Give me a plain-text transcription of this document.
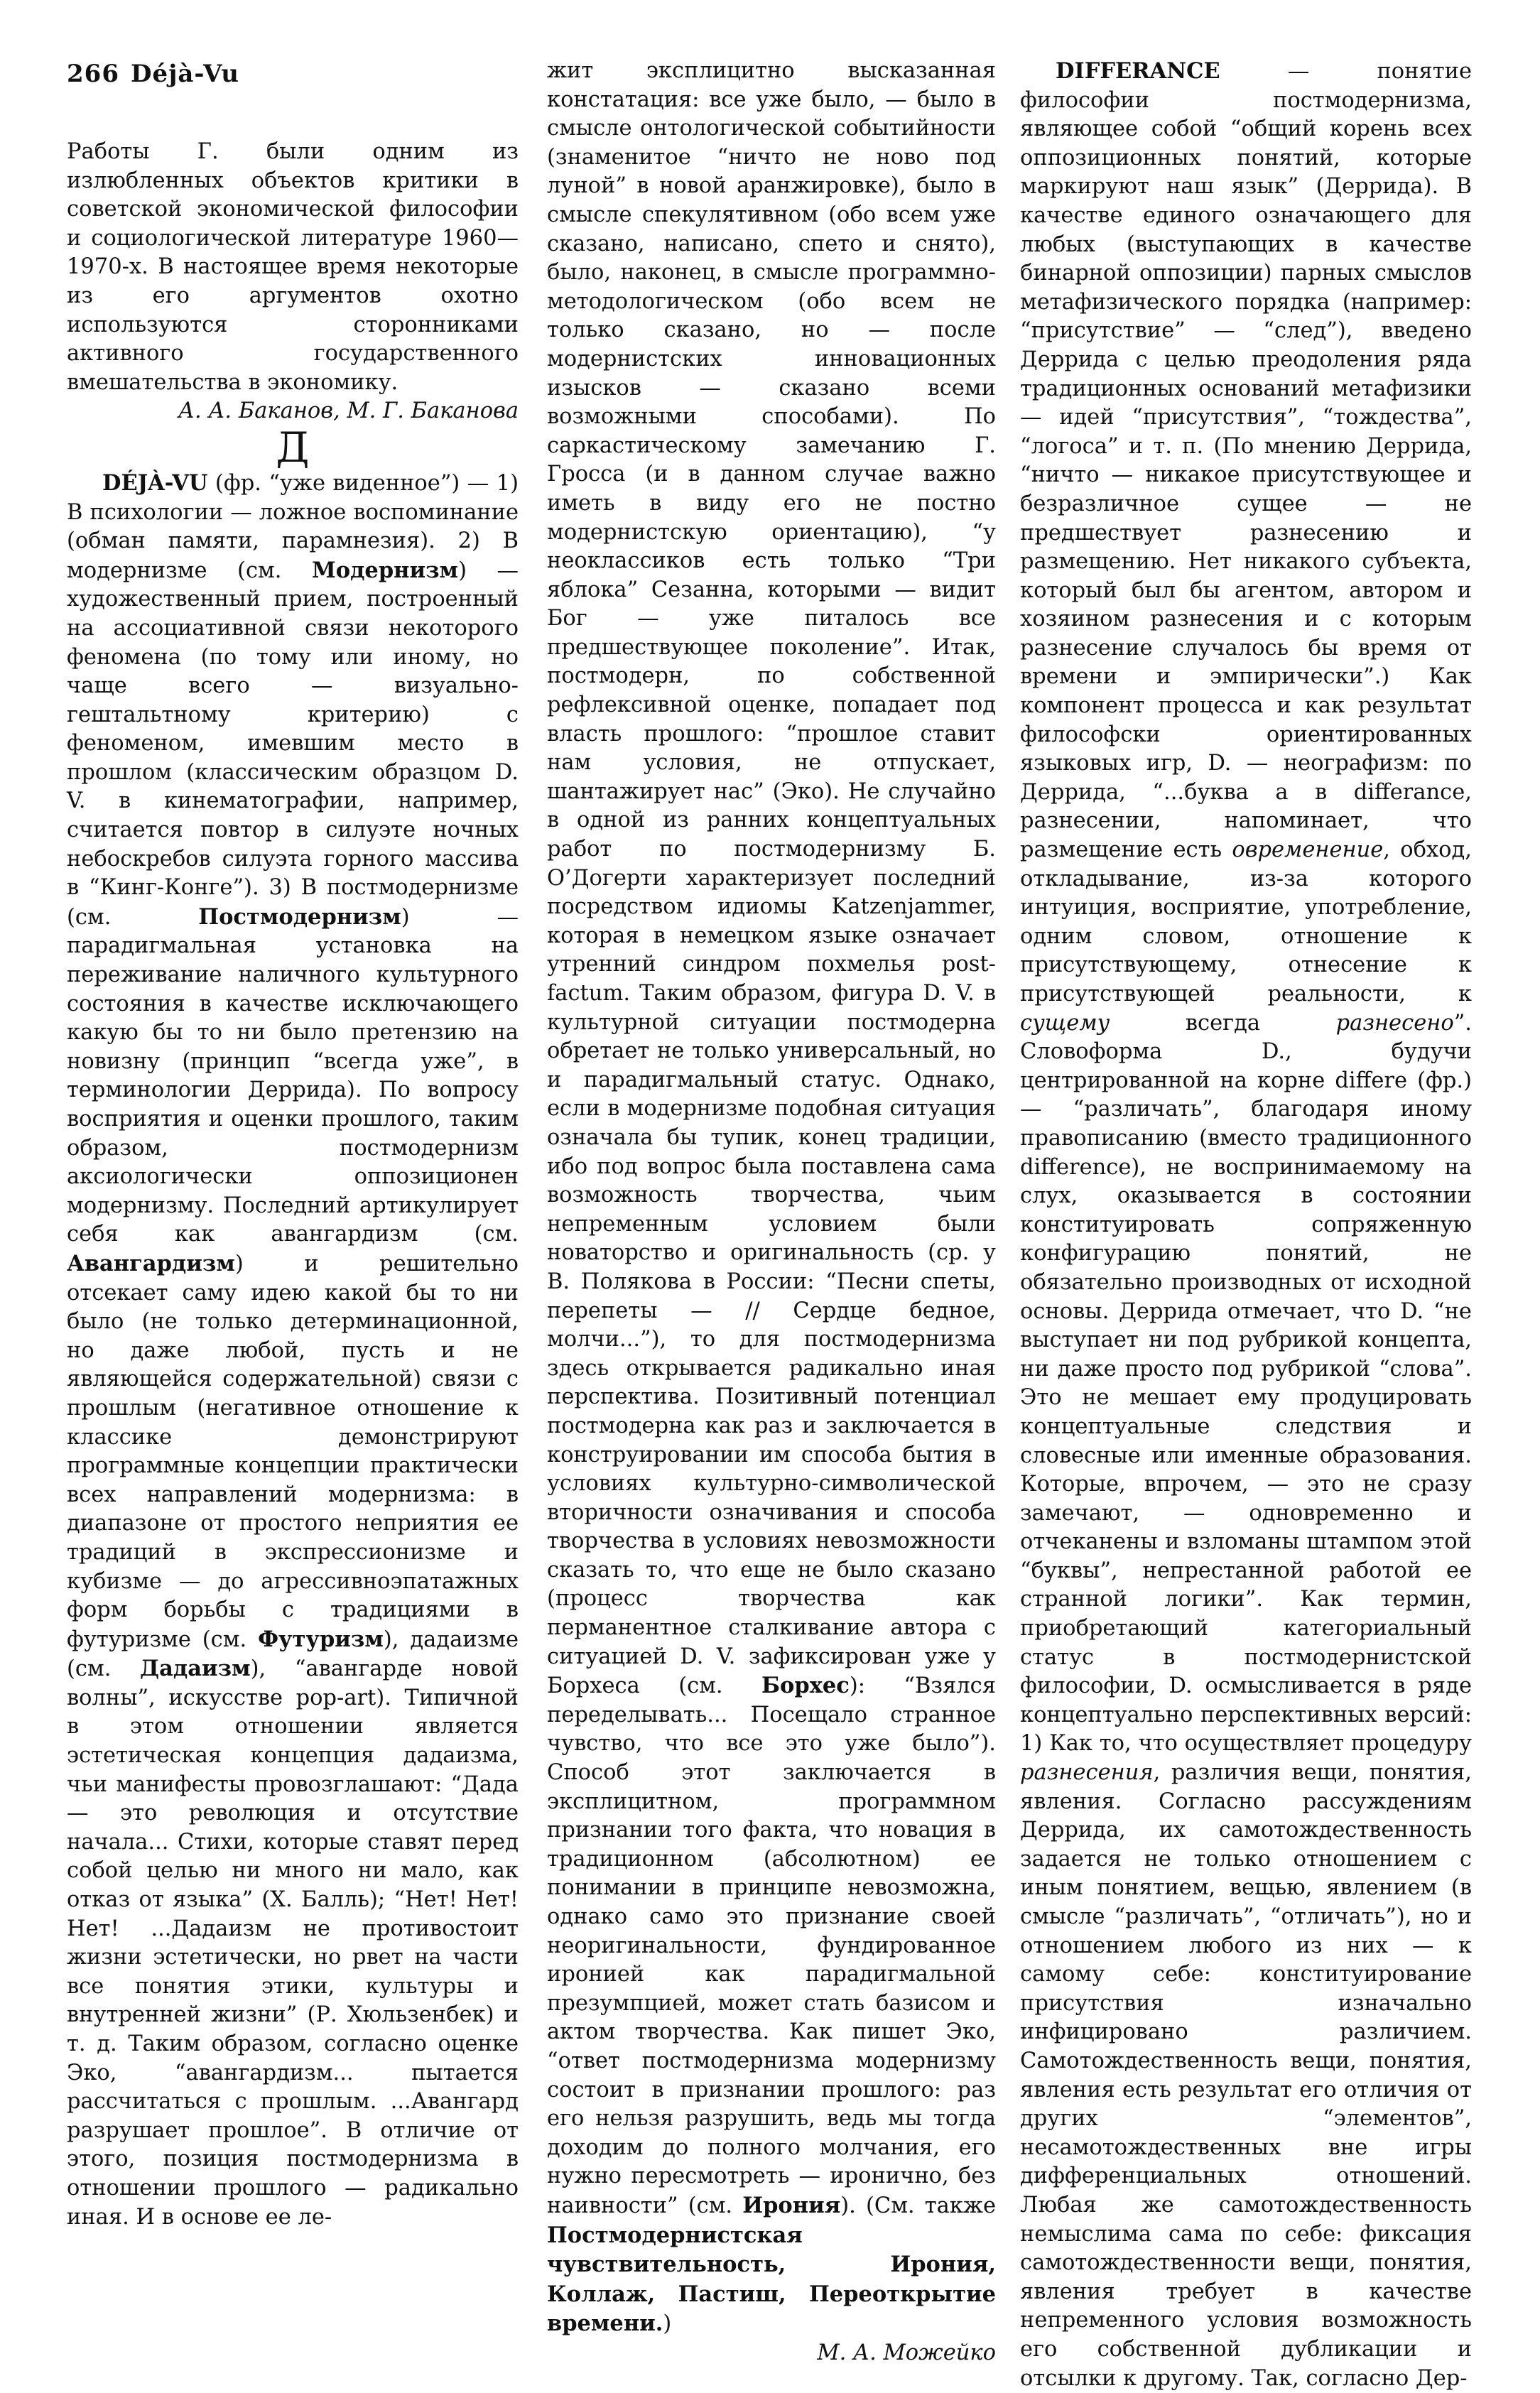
266 Déjà-Vu

Работы Г. были одним из излюбленных объектов критики в советской экономической философии и социологической литературе 1960—1970-х. В настоящее время некоторые из его аргументов охотно используются сторонниками активного государственного вмешательства в экономику.

А. А. Баканов, М. Г. Баканова

Д

DÉJÀ-VU (фр. “уже виденное”) — 1) В психологии — ложное воспоминание (обман памяти, парамнезия). 2) В модернизме (см. Модернизм) — художественный прием, построенный на ассоциативной связи некоторого феномена (по тому или иному, но чаще всего — визуально-гештальтному критерию) с феноменом, имевшим место в прошлом (классическим образцом D. V. в кинематографии, например, считается повтор в силуэте ночных небоскребов силуэта горного массива в “Кинг-Конге”). 3) В постмодернизме (см. Постмодернизм) — парадигмальная установка на переживание наличного культурного состояния в качестве исключающего какую бы то ни было претензию на новизну (принцип “всегда уже”, в терминологии Деррида). По вопросу восприятия и оценки прошлого, таким образом, постмодернизм аксиологически оппозиционен модернизму. Последний артикулирует себя как авангардизм (см. Авангардизм) и решительно отсекает саму идею какой бы то ни было (не только детерминационной, но даже любой, пусть и не являющейся содержательной) связи с прошлым (негативное отношение к классике демонстрируют программные концепции практически всех направлений модернизма: в диапазоне от простого неприятия ее традиций в экспрессионизме и кубизме — до агрессивноэпатажных форм борьбы с традициями в футуризме (см. Футуризм), дадаизме (см. Дадаизм), “авангарде новой волны”, искусстве pop-art). Типичной в этом отношении является эстетическая концепция дадаизма, чьи манифесты провозглашают: “Дада — это революция и отсутствие начала... Стихи, которые ставят перед собой целью ни много ни мало, как отказ от языка” (Х. Балль); “Нет! Нет! Нет! ...Дадаизм не противостоит жизни эстетически, но рвет на части все понятия этики, культуры и внутренней жизни” (Р. Хюльзенбек) и т. д. Таким образом, согласно оценке Эко, “авангардизм... пытается рассчитаться с прошлым. ...Авангард разрушает прошлое”. В отличие от этого, позиция постмодернизма в отношении прошлого — радикально иная. И в основе ее ле-

жит эксплицитно высказанная констатация: все уже было, — было в смысле онтологической событийности (знаменитое “ничто не ново под луной” в новой аранжировке), было в смысле спекулятивном (обо всем уже сказано, написано, спето и снято), было, наконец, в смысле программно-методологическом (обо всем не только сказано, но — после модернистских инновационных изысков — сказано всеми возможными способами). По саркастическому замечанию Г. Гросса (и в данном случае важно иметь в виду его не постно модернистскую ориентацию), “у неоклассиков есть только “Три яблока” Сезанна, которыми — видит Бог — уже питалось все предшествующее поколение”. Итак, постмодерн, по собственной рефлексивной оценке, попадает под власть прошлого: “прошлое ставит нам условия, не отпускает, шантажирует нас” (Эко). Не случайно в одной из ранних концептуальных работ по постмодернизму Б. О’Догерти характеризует последний посредством идиомы Katzenjammer, которая в немецком языке означает утренний синдром похмелья post-factum. Таким образом, фигура D. V. в культурной ситуации постмодерна обретает не только универсальный, но и парадигмальный статус. Однако, если в модернизме подобная ситуация означала бы тупик, конец традиции, ибо под вопрос была поставлена сама возможность творчества, чьим непременным условием были новаторство и оригинальность (ср. у В. Полякова в России: “Песни спеты, перепеты — // Сердце бедное, молчи...”), то для постмодернизма здесь открывается радикально иная перспектива. Позитивный потенциал постмодерна как раз и заключается в конструировании им способа бытия в условиях культурно-символической вторичности означивания и способа творчества в условиях невозможности сказать то, что еще не было сказано (процесс творчества как перманентное сталкивание автора с ситуацией D. V. зафиксирован уже у Борхеса (см. Борхес): “Взялся переделывать... Посещало странное чувство, что все это уже было”). Способ этот заключается в эксплицитном, программном признании того факта, что новация в традиционном (абсолютном) ее понимании в принципе невозможна, однако само это признание своей неоригинальности, фундированное иронией как парадигмальной презумпцией, может стать базисом и актом творчества. Как пишет Эко, “ответ постмодернизма модернизму состоит в признании прошлого: раз его нельзя разрушить, ведь мы тогда доходим до полного молчания, его нужно пересмотреть — иронично, без наивности” (см. Ирония). (См. также Постмодернистская чувствительность, Ирония, Коллаж, Пастиш, Переоткрытие времени.)

М. А. Можейко

DIFFERANCE — понятие философии постмодернизма, являющее собой “общий корень всех оппозиционных понятий, которые маркируют наш язык” (Деррида). В качестве единого означающего для любых (выступающих в качестве бинарной оппозиции) парных смыслов метафизического порядка (например: “присутствие” — “след”), введено Деррида с целью преодоления ряда традиционных оснований метафизики — идей “присутствия”, “тождества”, “логоса” и т. п. (По мнению Деррида, “ничто — никакое присутствующее и безразличное сущее — не предшествует разнесению и размещению. Нет никакого субъекта, который был бы агентом, автором и хозяином разнесения и с которым разнесение случалось бы время от времени и эмпирически”.) Как компонент процесса и как результат философски ориентированных языковых игр, D. — неографизм: по Деррида, “...буква a в differance, разнесении, напоминает, что размещение есть овременение, обход, откладывание, из-за которого интуиция, восприятие, употребление, одним словом, отношение к присутствующему, отнесение к присутствующей реальности, к сущему всегда разнесено”. Словоформа D., будучи центрированной на корне differe (фр.) — “различать”, благодаря иному правописанию (вместо традиционного difference), не воспринимаемому на слух, оказывается в состоянии конституировать сопряженную конфигурацию понятий, не обязательно производных от исходной основы. Деррида отмечает, что D. “не выступает ни под рубрикой концепта, ни даже просто под рубрикой “слова”. Это не мешает ему продуцировать концептуальные следствия и словесные или именные образования. Которые, впрочем, — это не сразу замечают, — одновременно и отчеканены и взломаны штампом этой “буквы”, непрестанной работой ее странной логики”. Как термин, приобретающий категориальный статус в постмодернистской философии, D. осмысливается в ряде концептуально перспективных версий: 1) Как то, что осуществляет процедуру разнесения, различия вещи, понятия, явления. Согласно рассуждениям Деррида, их самотождественность задается не только отношением с иным понятием, вещью, явлением (в смысле “различать”, “отличать”), но и отношением любого из них — к самому себе: конституирование присутствия изначально инфицировано различием. Самотождественность вещи, понятия, явления есть результат его отличия от других “элементов”, несамотождественных вне игры дифференциальных отношений. Любая же самотождественность немыслима сама по себе: фиксация самотождественности вещи, понятия, явления требует в качестве непременного условия возможность его собственной дубликации и отсылки к другому. Так, согласно Дер-
